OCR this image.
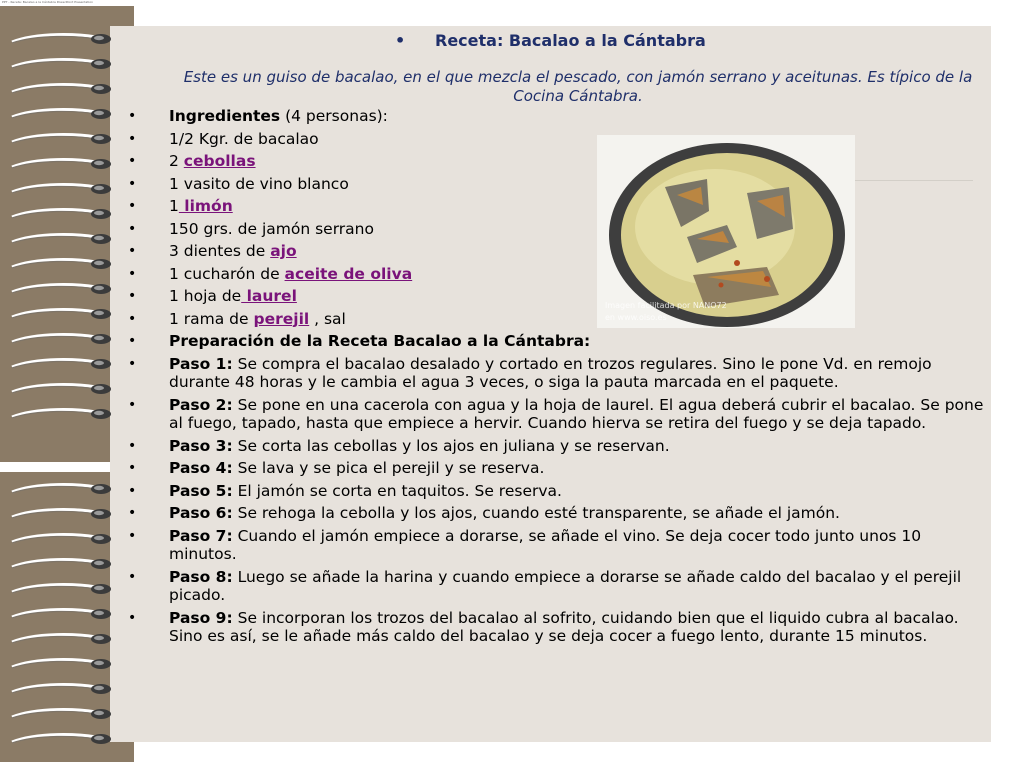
PPT - Receta: Bacalao a la Cántabra PowerPoint Presentation
Imagen facilitada por NANO72
en www.oiso.es
• Receta: Bacalao a la Cántabra
Este es un guiso de bacalao, en el que mezcla el pescado, con jamón serrano y aceitunas. Es típico de la Cocina Cántabra.
• Ingredientes (4 personas):
• 1/2 Kgr. de bacalao
• 2 cebollas
• 1 vasito de vino blanco
• 1 limón
• 150 grs. de jamón serrano
• 3 dientes de ajo
• 1 cucharón de aceite de oliva
• 1 hoja de laurel
• 1 rama de perejil , sal
• Preparación de la Receta Bacalao a la Cántabra:
• Paso 1: Se compra el bacalao desalado y cortado en trozos regulares. Sino le pone Vd. en remojo durante 48 horas y le cambia el agua 3 veces, o siga la pauta marcada en el paquete.
• Paso 2: Se pone en una cacerola con agua y la hoja de laurel. El agua deberá cubrir el bacalao. Se pone al fuego, tapado, hasta que empiece a hervir. Cuando hierva se retira del fuego y se deja tapado.
• Paso 3: Se corta las cebollas y los ajos en juliana y se reservan.
• Paso 4: Se lava y se pica el perejil y se reserva.
• Paso 5: El jamón se corta en taquitos. Se reserva.
• Paso 6: Se rehoga la cebolla y los ajos, cuando esté transparente, se añade el jamón.
• Paso 7: Cuando el jamón empiece a dorarse, se añade el vino. Se deja cocer todo junto unos 10 minutos.
• Paso 8: Luego se añade la harina y cuando empiece a dorarse se añade caldo del bacalao y el perejil picado.
• Paso 9: Se incorporan los trozos del bacalao al sofrito, cuidando bien que el liquido cubra al bacalao. Sino es así, se le añade más caldo del bacalao y se deja cocer a fuego lento, durante 15 minutos.
